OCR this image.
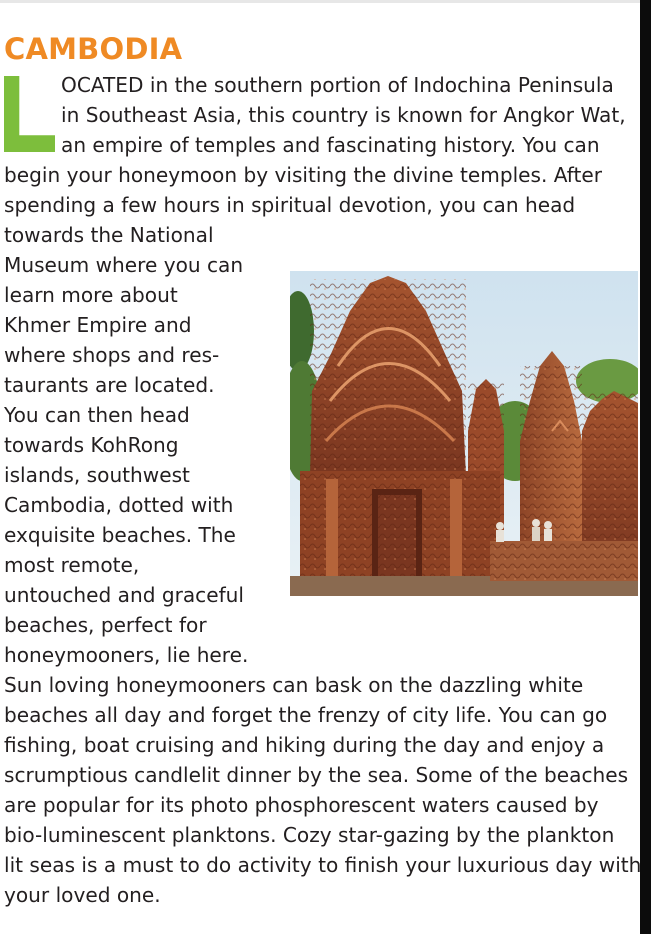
CAMBODIA

OCATED in the southern portion of Indochina Peninsula

in Southeast Asia, this country is known for Angkor Wat,

an empire of temples and fascinating history. You can

begin your honeymoon by visiting the divine temples. After

spending a few hours in spiritual devotion, you can head

towards the National

Museum where you can

learn more about

Khmer Empire and

where shops and res-

taurants are located.

You can then head

towards KohRong

islands, southwest

Cambodia, dotted with

exquisite beaches. The

most remote,

untouched and graceful

beaches, perfect for

honeymooners, lie here.

Sun loving honeymooners can bask on the dazzling white

beaches all day and forget the frenzy of city life. You can go

fishing, boat cruising and hiking during the day and enjoy a

scrumptious candlelit dinner by the sea. Some of the beaches

are popular for its photo phosphorescent waters caused by

bio-luminescent planktons. Cozy star-gazing by the plankton

lit seas is a must to do activity to finish your luxurious day with

your loved one.
